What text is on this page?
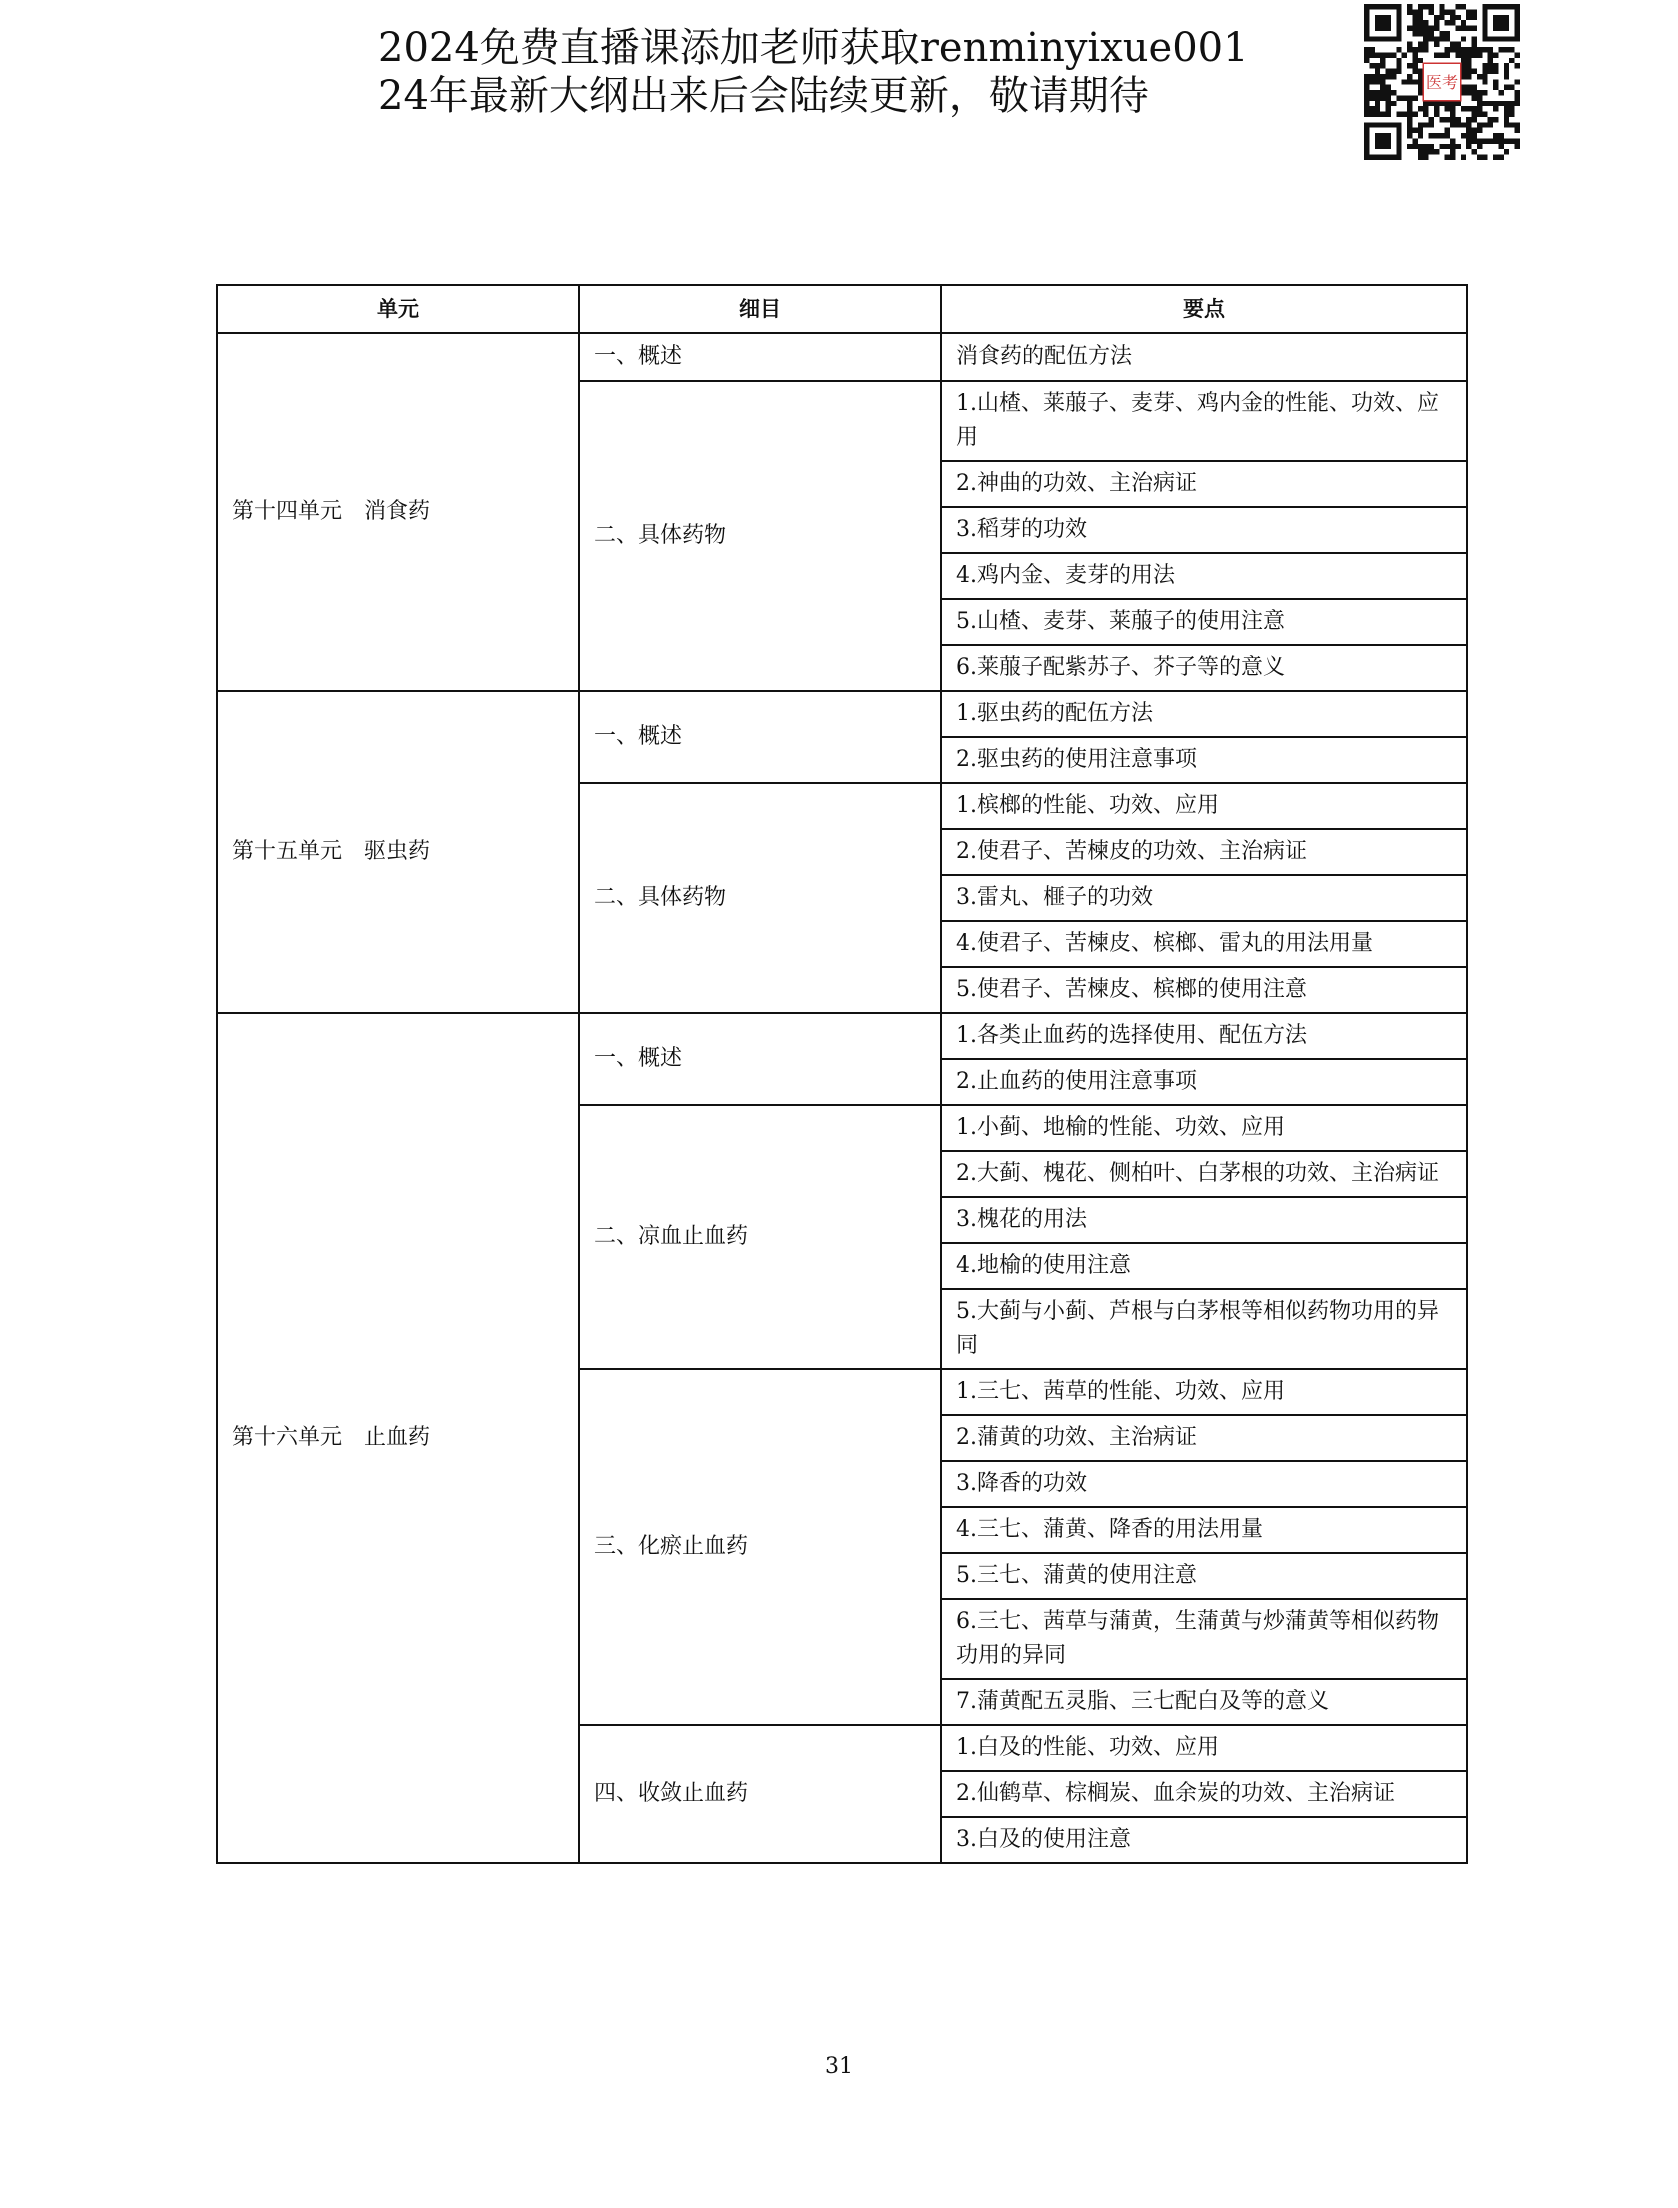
2024免费直播课添加老师获取renminyixue001
24年最新大纲出来后会陆续更新，敬请期待	医考
单元	细目	要点
第十四单元　消食药	一、概述	消食药的配伍方法
	二、具体药物	1.山楂、莱菔子、麦芽、鸡内金的性能、功效、应用
		2.神曲的功效、主治病证
		3.稻芽的功效
		4.鸡内金、麦芽的用法
		5.山楂、麦芽、莱菔子的使用注意
		6.莱菔子配紫苏子、芥子等的意义
第十五单元　驱虫药	一、概述	1.驱虫药的配伍方法
		2.驱虫药的使用注意事项
	二、具体药物	1.槟榔的性能、功效、应用
		2.使君子、苦楝皮的功效、主治病证
		3.雷丸、榧子的功效
		4.使君子、苦楝皮、槟榔、雷丸的用法用量
		5.使君子、苦楝皮、槟榔的使用注意
第十六单元　止血药	一、概述	1.各类止血药的选择使用、配伍方法
		2.止血药的使用注意事项
	二、凉血止血药	1.小蓟、地榆的性能、功效、应用
		2.大蓟、槐花、侧柏叶、白茅根的功效、主治病证
		3.槐花的用法
		4.地榆的使用注意
		5.大蓟与小蓟、芦根与白茅根等相似药物功用的异同
	三、化瘀止血药	1.三七、茜草的性能、功效、应用
		2.蒲黄的功效、主治病证
		3.降香的功效
		4.三七、蒲黄、降香的用法用量
		5.三七、蒲黄的使用注意
		6.三七、茜草与蒲黄，生蒲黄与炒蒲黄等相似药物功用的异同
		7.蒲黄配五灵脂、三七配白及等的意义
	四、收敛止血药	1.白及的性能、功效、应用
		2.仙鹤草、棕榈炭、血余炭的功效、主治病证
		3.白及的使用注意
31
